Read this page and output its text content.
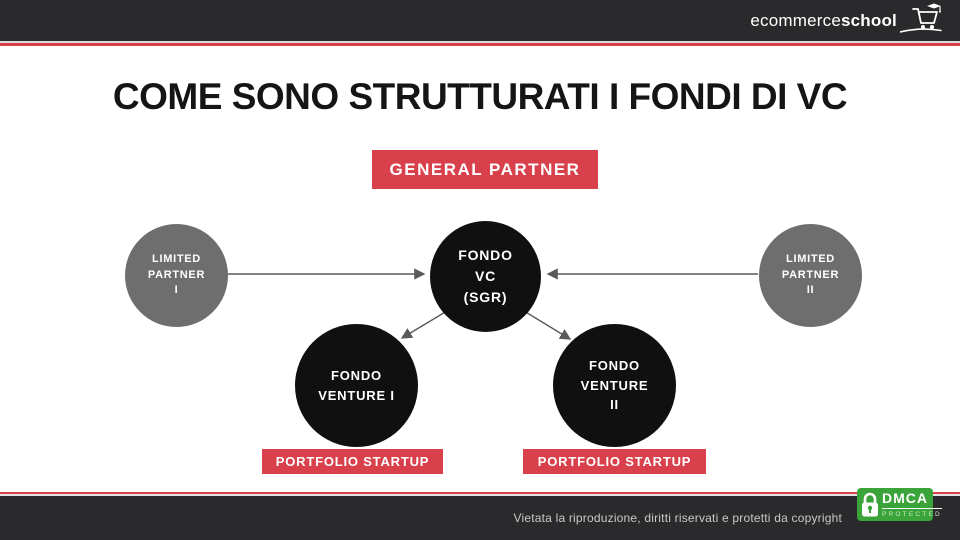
ecommerceschool
COME SONO STRUTTURATI I FONDI DI VC
GENERAL PARTNER
LIMITED
PARTNER
I
FONDO
VC
(SGR)
LIMITED
PARTNER
II
FONDO
VENTURE I
FONDO
VENTURE
II
PORTFOLIO STARTUP	PORTFOLIO STARTUP
Vietata la riproduzione, diritti riservati e protetti da copyright
DMCA
PROTECTED
